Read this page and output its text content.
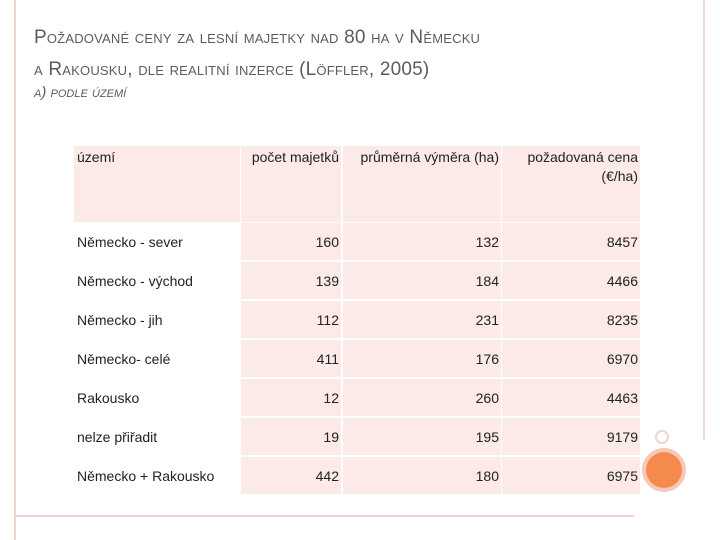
Požadované ceny za lesní majetky nad 80 ha v Německu
a Rakousku, dle realitní inzerce (Löffler, 2005)
a) podle území
území	počet majetků	průměrná výměra (ha)	požadovaná cena (€/ha)
Německo - sever	160	132	8457
Německo - východ	139	184	4466
Německo - jih	112	231	8235
Německo- celé	411	176	6970
Rakousko	12	260	4463
nelze přiřadit	19	195	9179
Německo + Rakousko	442	180	6975
